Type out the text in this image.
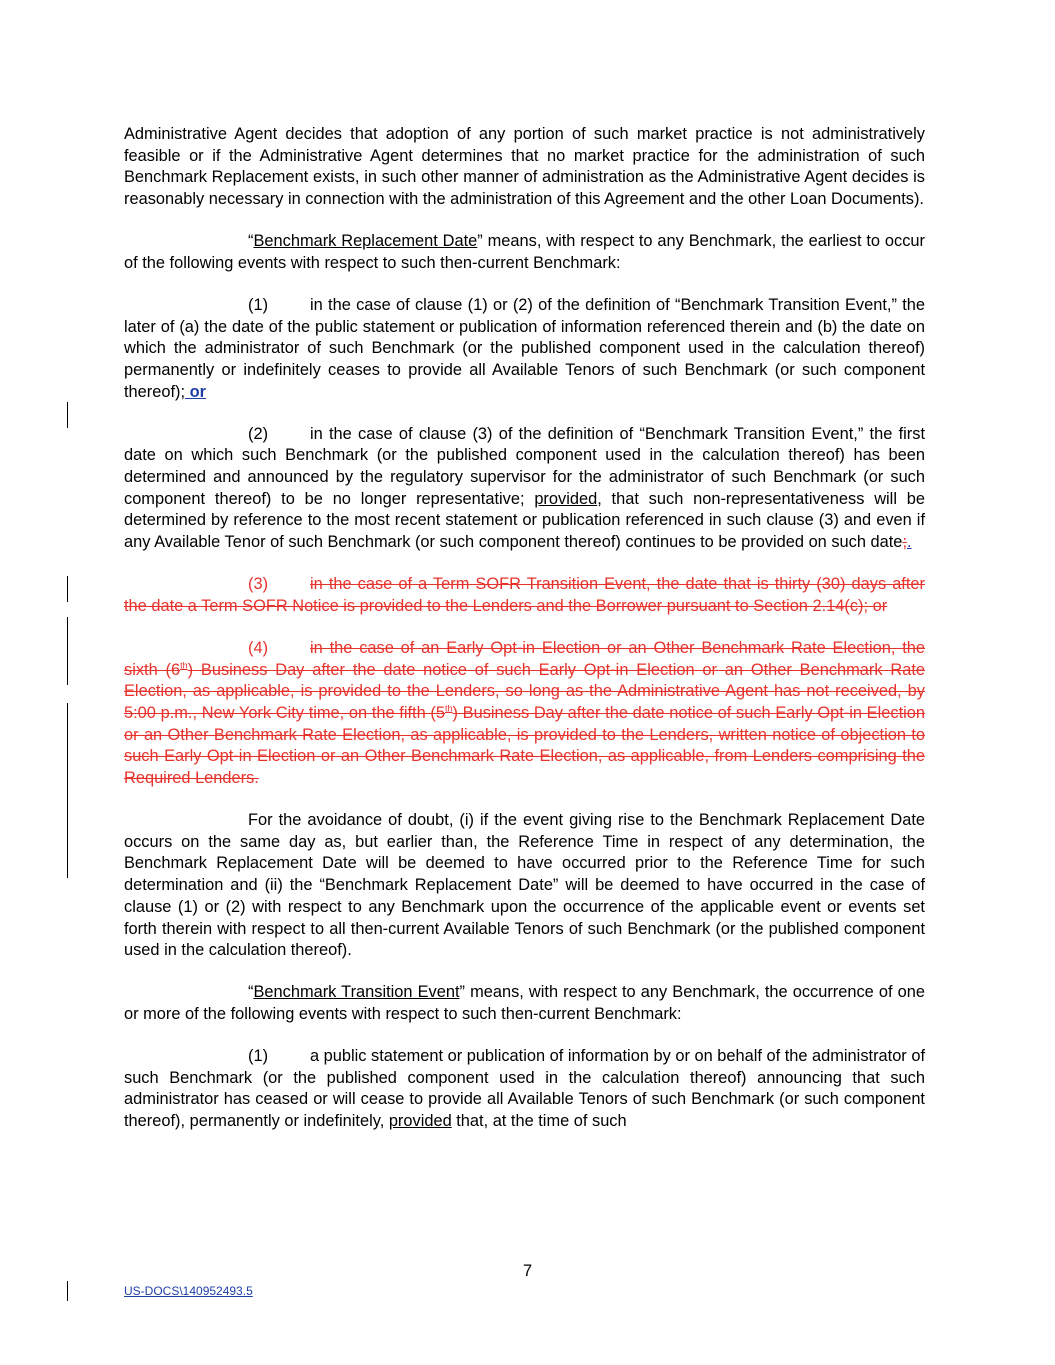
Administrative Agent decides that adoption of any portion of such market practice is not administratively feasible or if the Administrative Agent determines that no market practice for the administration of such Benchmark Replacement exists, in such other manner of administration as the Administrative Agent decides is reasonably necessary in connection with the administration of this Agreement and the other Loan Documents).

“Benchmark Replacement Date” means, with respect to any Benchmark, the earliest to occur of the following events with respect to such then-current Benchmark:

(1)	in the case of clause (1) or (2) of the definition of “Benchmark Transition Event,” the later of (a) the date of the public statement or publication of information referenced therein and (b) the date on which the administrator of such Benchmark (or the published component used in the calculation thereof) permanently or indefinitely ceases to provide all Available Tenors of such Benchmark (or such component thereof); or

(2)	in the case of clause (3) of the definition of “Benchmark Transition Event,” the first date on which such Benchmark (or the published component used in the calculation thereof) has been determined and announced by the regulatory supervisor for the administrator of such Benchmark (or such component thereof) to be no longer representative; provided, that such non-representativeness will be determined by reference to the most recent statement or publication referenced in such clause (3) and even if any Available Tenor of such Benchmark (or such component thereof) continues to be provided on such date;.

(3)	in the case of a Term SOFR Transition Event, the date that is thirty (30) days after the date a Term SOFR Notice is provided to the Lenders and the Borrower pursuant to Section 2.14(c); or

(4)	in the case of an Early Opt-in Election or an Other Benchmark Rate Election, the sixth (6th) Business Day after the date notice of such Early Opt-in Election or an Other Benchmark Rate Election, as applicable, is provided to the Lenders, so long as the Administrative Agent has not received, by 5:00 p.m., New York City time, on the fifth (5th) Business Day after the date notice of such Early Opt-in Election or an Other Benchmark Rate Election, as applicable, is provided to the Lenders, written notice of objection to such Early Opt-in Election or an Other Benchmark Rate Election, as applicable, from Lenders comprising the Required Lenders.

For the avoidance of doubt, (i) if the event giving rise to the Benchmark Replacement Date occurs on the same day as, but earlier than, the Reference Time in respect of any determination, the Benchmark Replacement Date will be deemed to have occurred prior to the Reference Time for such determination and (ii) the “Benchmark Replacement Date” will be deemed to have occurred in the case of clause (1) or (2) with respect to any Benchmark upon the occurrence of the applicable event or events set forth therein with respect to all then-current Available Tenors of such Benchmark (or the published component used in the calculation thereof).

“Benchmark Transition Event” means, with respect to any Benchmark, the occurrence of one or more of the following events with respect to such then-current Benchmark:

(1)	a public statement or publication of information by or on behalf of the administrator of such Benchmark (or the published component used in the calculation thereof) announcing that such administrator has ceased or will cease to provide all Available Tenors of such Benchmark (or such component thereof), permanently or indefinitely, provided that, at the time of such

7
US-DOCS\140952493.5
